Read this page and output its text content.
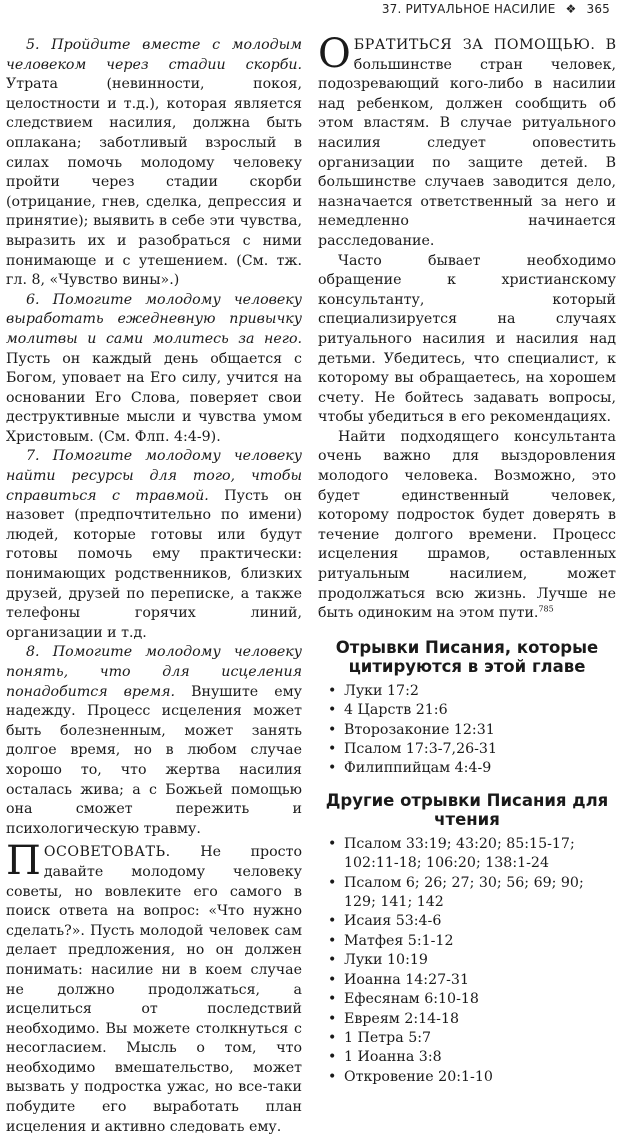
37. РИТУАЛЬНОЕ НАСИЛИЕ ❖ 365

5. Пройдите вместе с молодым человеком через стадии скорби. Утрата (невинности, покоя, целостности и т.д.), которая является следствием насилия, должна быть оплакана; заботливый взрослый в силах помочь молодому человеку пройти через стадии скорби (отрицание, гнев, сделка, депрессия и принятие); выявить в себе эти чувства, выразить их и разобраться с ними понимающе и с утешением. (См. тж. гл. 8, «Чувство вины».)

6. Помогите молодому человеку выработать ежедневную привычку молитвы и сами молитесь за него. Пусть он каждый день общается с Богом, уповает на Его силу, учится на основании Его Слова, поверяет свои деструктивные мысли и чувства умом Христовым. (См. Флп. 4:4-9).

7. Помогите молодому человеку найти ресурсы для того, чтобы справиться с травмой. Пусть он назовет (предпочтительно по имени) людей, которые готовы или будут готовы помочь ему практически: понимающих родственников, близких друзей, друзей по переписке, а также телефоны горячих линий, организации и т.д.

8. Помогите молодому человеку понять, что для исцеления понадобится время. Внушите ему надежду. Процесс исцеления может быть болезненным, может занять долгое время, но в любом случае хорошо то, что жертва насилия осталась жива; а с Божьей помощью она сможет пережить и психологическую травму.

ПОСОВЕТОВАТЬ. Не просто давайте молодому человеку советы, но вовлеките его самого в поиск ответа на вопрос: «Что нужно сделать?». Пусть молодой человек сам делает предложения, но он должен понимать: насилие ни в коем случае не должно продолжаться, а исцелиться от последствий необходимо. Вы можете столкнуться с несогласием. Мысль о том, что необходимо вмешательство, может вызвать у подростка ужас, но все-таки побудите его выработать план исцеления и активно следовать ему.

ОБРАТИТЬСЯ ЗА ПОМОЩЬЮ. В большинстве стран человек, подозревающий кого-либо в насилии над ребенком, должен сообщить об этом властям. В случае ритуального насилия следует оповестить организации по защите детей. В большинстве случаев заводится дело, назначается ответственный за него и немедленно начинается расследование.

Часто бывает необходимо обращение к христианскому консультанту, который специализируется на случаях ритуального насилия и насилия над детьми. Убедитесь, что специалист, к которому вы обращаетесь, на хорошем счету. Не бойтесь задавать вопросы, чтобы убедиться в его рекомендациях.

Найти подходящего консультанта очень важно для выздоровления молодого человека. Возможно, это будет единственный человек, которому подросток будет доверять в течение долгого времени. Процесс исцеления шрамов, оставленных ритуальным насилием, может продолжаться всю жизнь. Лучше не быть одиноким на этом пути.$^{785}$

Отрывки Писания, которые цитируются в этой главе
• Луки 17:2
• 4 Царств 21:6
• Второзаконие 12:31
• Псалом 17:3-7,26-31
• Филиппийцам 4:4-9
Другие отрывки Писания для чтения
• Псалом 33:19; 43:20; 85:15-17; 102:11-18; 106:20; 138:1-24
• Псалом 6; 26; 27; 30; 56; 69; 90; 129; 141; 142
• Исаия 53:4-6
• Матфея 5:1-12
• Луки 10:19
• Иоанна 14:27-31
• Ефесянам 6:10-18
• Евреям 2:14-18
• 1 Петра 5:7
• 1 Иоанна 3:8
• Откровение 20:1-10
